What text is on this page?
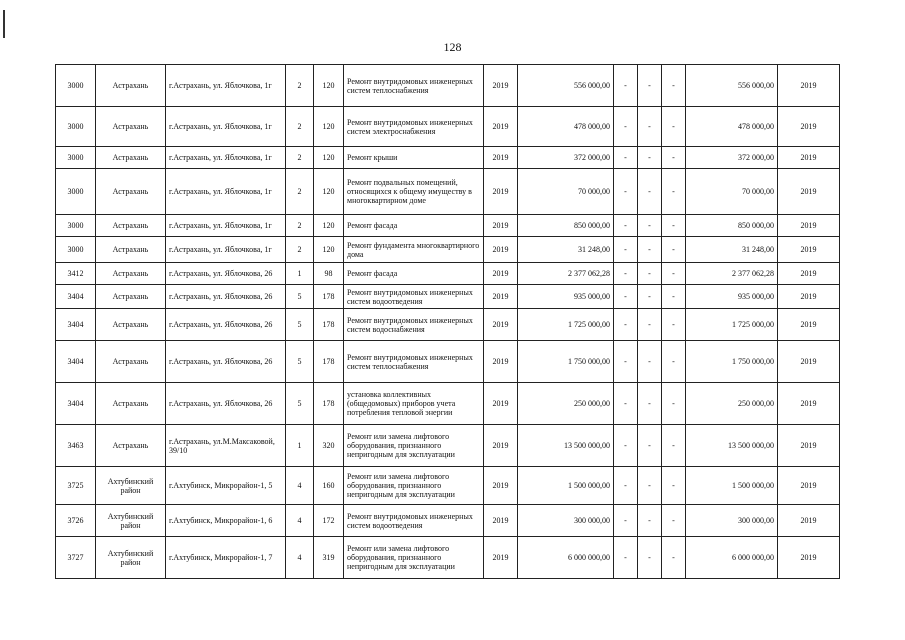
128
3000	Астрахань	г.Астрахань, ул. Яблочкова, 1г	2	120	Ремонт внутридомовых инженерных систем теплоснабжения	2019	556 000,00	-	-	-	556 000,00	2019
3000	Астрахань	г.Астрахань, ул. Яблочкова, 1г	2	120	Ремонт внутридомовых инженерных систем электроснабжения	2019	478 000,00	-	-	-	478 000,00	2019
3000	Астрахань	г.Астрахань, ул. Яблочкова, 1г	2	120	Ремонт крыши	2019	372 000,00	-	-	-	372 000,00	2019
3000	Астрахань	г.Астрахань, ул. Яблочкова, 1г	2	120	Ремонт подвальных помещений, относящихся к общему имуществу в многоквартирном доме	2019	70 000,00	-	-	-	70 000,00	2019
3000	Астрахань	г.Астрахань, ул. Яблочкова, 1г	2	120	Ремонт фасада	2019	850 000,00	-	-	-	850 000,00	2019
3000	Астрахань	г.Астрахань, ул. Яблочкова, 1г	2	120	Ремонт фундамента многоквартирного дома	2019	31 248,00	-	-	-	31 248,00	2019
3412	Астрахань	г.Астрахань, ул. Яблочкова, 26	1	98	Ремонт фасада	2019	2 377 062,28	-	-	-	2 377 062,28	2019
3404	Астрахань	г.Астрахань, ул. Яблочкова, 26	5	178	Ремонт внутридомовых инженерных систем водоотведения	2019	935 000,00	-	-	-	935 000,00	2019
3404	Астрахань	г.Астрахань, ул. Яблочкова, 26	5	178	Ремонт внутридомовых инженерных систем водоснабжения	2019	1 725 000,00	-	-	-	1 725 000,00	2019
3404	Астрахань	г.Астрахань, ул. Яблочкова, 26	5	178	Ремонт внутридомовых инженерных систем теплоснабжения	2019	1 750 000,00	-	-	-	1 750 000,00	2019
3404	Астрахань	г.Астрахань, ул. Яблочкова, 26	5	178	установка коллективных (общедомовых) приборов учета потребления тепловой энергии	2019	250 000,00	-	-	-	250 000,00	2019
3463	Астрахань	г.Астрахань, ул.М.Максаковой, 39/10	1	320	Ремонт или замена лифтового оборудования, признанного непригодным для эксплуатации	2019	13 500 000,00	-	-	-	13 500 000,00	2019
3725	Ахтубинский район	г.Ахтубинск, Микрорайон-1, 5	4	160	Ремонт или замена лифтового оборудования, признанного непригодным для эксплуатации	2019	1 500 000,00	-	-	-	1 500 000,00	2019
3726	Ахтубинский район	г.Ахтубинск, Микрорайон-1, 6	4	172	Ремонт внутридомовых инженерных систем водоотведения	2019	300 000,00	-	-	-	300 000,00	2019
3727	Ахтубинский район	г.Ахтубинск, Микрорайон-1, 7	4	319	Ремонт или замена лифтового оборудования, признанного непригодным для эксплуатации	2019	6 000 000,00	-	-	-	6 000 000,00	2019
